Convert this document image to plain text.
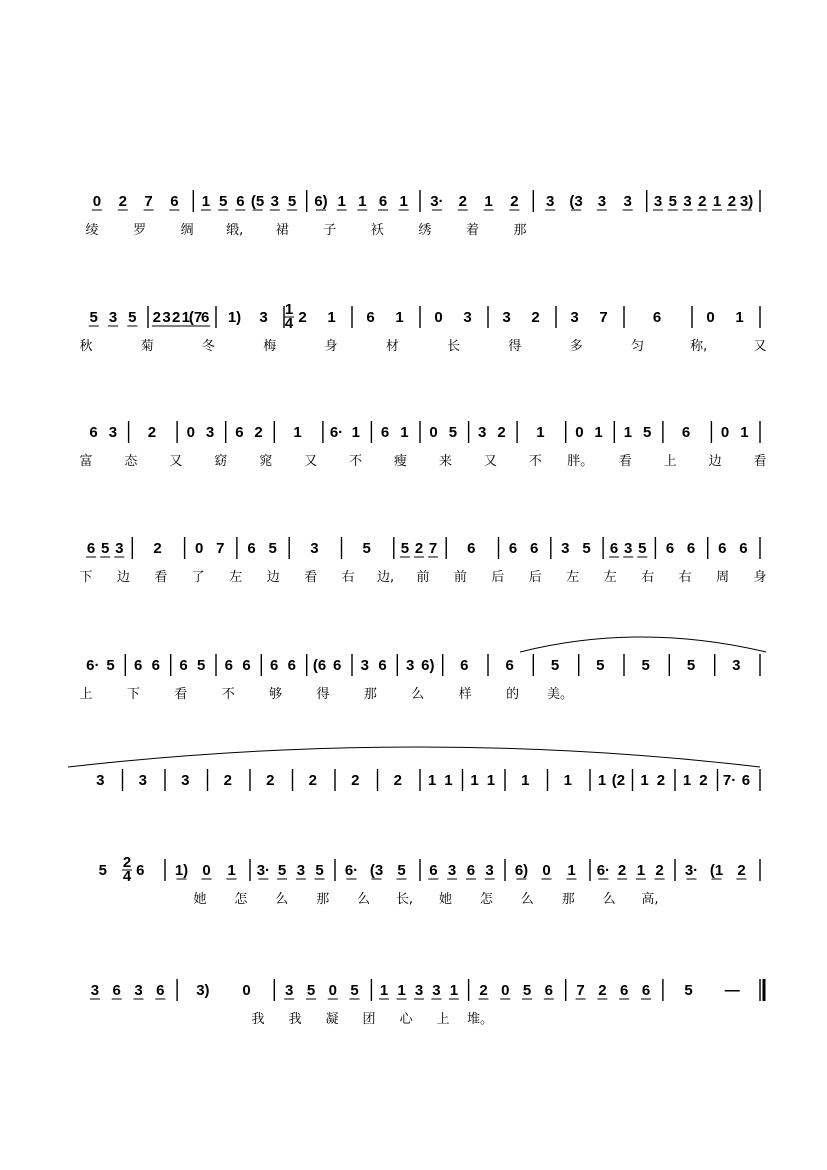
0 2 7 6 1 5 6 (5 3 5 6) 1 1 6 1 3· 2 1 2 3 (3 3 3 3 5 3 2 1 2 3)
绫	罗	绸	缎, 裙	子	袄	绣	着	那
5 3 5 2 3 2 1
(7
6 1) 3 2 1 6 1 0 3 3 2 3 7	6	0 1
秋	菊	冬	梅	身	材	长	得	多	匀	称,	又
6 3 2 0 3 6 2 1 6· 1 6 1 0 5 3 2 1 0 1 1 5 6 0 1
富 态 又 窈 窕 又 不 瘦 来 又 不 胖。 看 上 边 看
6 5 3 2 0 7 6 5 3	5 5 2 7 6 6 6 3 5 6 3 5 6 6 6 6
下 边 看 了 左 边 看 右 边, 前 前 后 后 左 左 右 右 周 身
6· 5 6 6 6 5 6 6 6 6 (6 6 3 6 3 6) 6 6 5 5 5 5 3
上	下	看	不	够	得	那	么	样	的 美。
3 3 3 2 2 2 2 2 1 1 1 1 1 1 1 (2 1 2 1 2 7· 6
5 6 1) 0 1 3· 5 3 5 6· (3 5 6 3 6 3 6) 0 1 6· 2 1 2 3· (1 2
她 怎 么 那 么 长, 她 怎 么 那 么 高,
3 6 3 6 3) 0 3 5 0 5 1 1 3 3 1 2 0 5 6 7 2 6 6 5 —
我 我 凝 团 心 上 堆。
1
4
2
4
